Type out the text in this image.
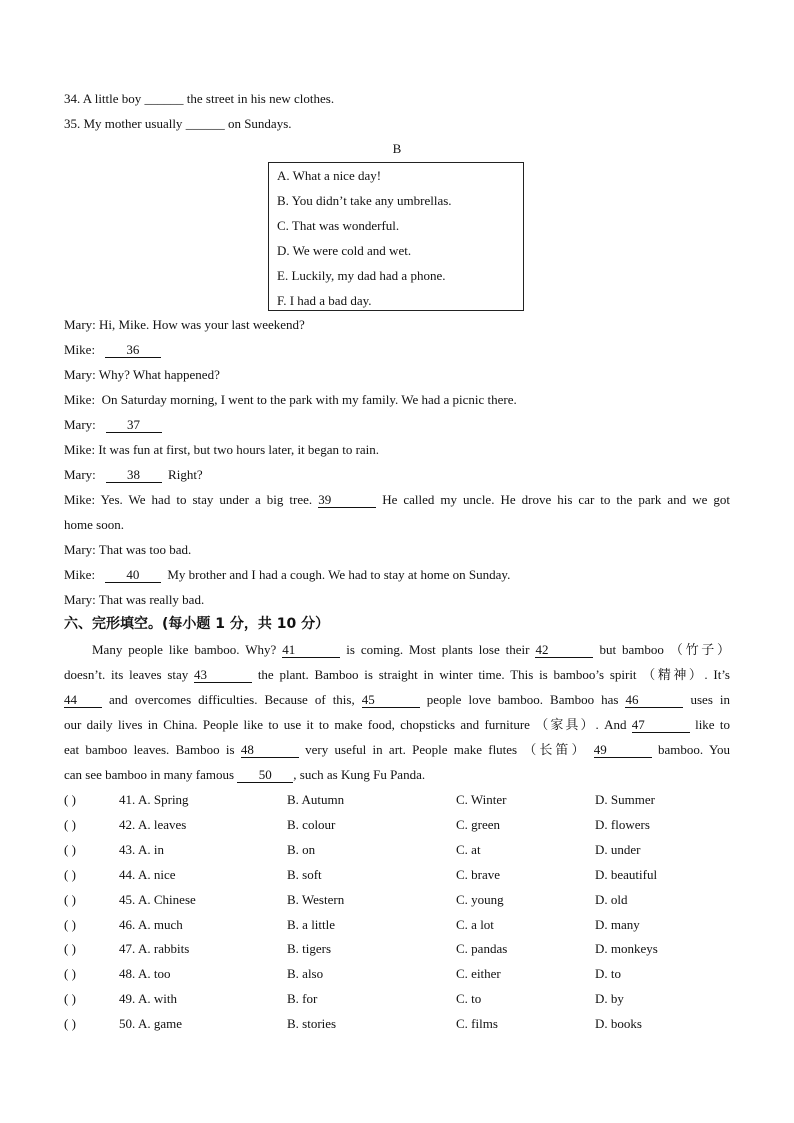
34. A little boy ______ the street in his new clothes.
35. My mother usually ______ on Sundays.
B
A. What a nice day!
B. You didn’t take any umbrellas.
C. That was wonderful.
D. We were cold and wet.
E. Luckily, my dad had a phone.
F. I had a bad day.
Mary: Hi, Mike. How was your last weekend?
Mike: 36
Mary: Why? What happened?
Mike: On Saturday morning, I went to the park with my family. We had a picnic there.
Mary: 37
Mike: It was fun at first, but two hours later, it began to rain.
Mary: 38 Right?
Mike: Yes. We had to stay under a big tree. 39	He called my uncle. He drove his car to the park and we got
home soon.
Mary: That was too bad.
Mike: 40 My brother and I had a cough. We had to stay at home on Sunday.
Mary: That was really bad.
六、完形填空。(每小题 1 分，共 10 分）
Many people like bamboo. Why? 41	is coming. Most plants lose their 42	but bamboo （竹子）
doesn’t. its leaves stay 43	the plant. Bamboo is straight in winter time. This is bamboo’s spirit （精神）. It’s
44 and overcomes difficulties. Because of this, 45	people love bamboo. Bamboo has 46	uses in
our daily lives in China. People like to use it to make food, chopsticks and furniture （家具）. And 47	like to
eat bamboo leaves. Bamboo is 48	very useful in art. People make flutes （长笛） 49	bamboo. You
can see bamboo in many famous 50 , such as Kung Fu Panda.
( )	41. A. Spring	B. Autumn	C. Winter	D. Summer
( )	42. A. leaves	B. colour	C. green	D. flowers
( )	43. A. in	B. on	C. at	D. under
( )	44. A. nice	B. soft	C. brave	D. beautiful
( )	45. A. Chinese	B. Western	C. young	D. old
( )	46. A. much	B. a little	C. a lot	D. many
( )	47. A. rabbits	B. tigers	C. pandas	D. monkeys
( )	48. A. too	B. also	C. either	D. to
( )	49. A. with	B. for	C. to	D. by
( )	50. A. game	B. stories	C. films	D. books
